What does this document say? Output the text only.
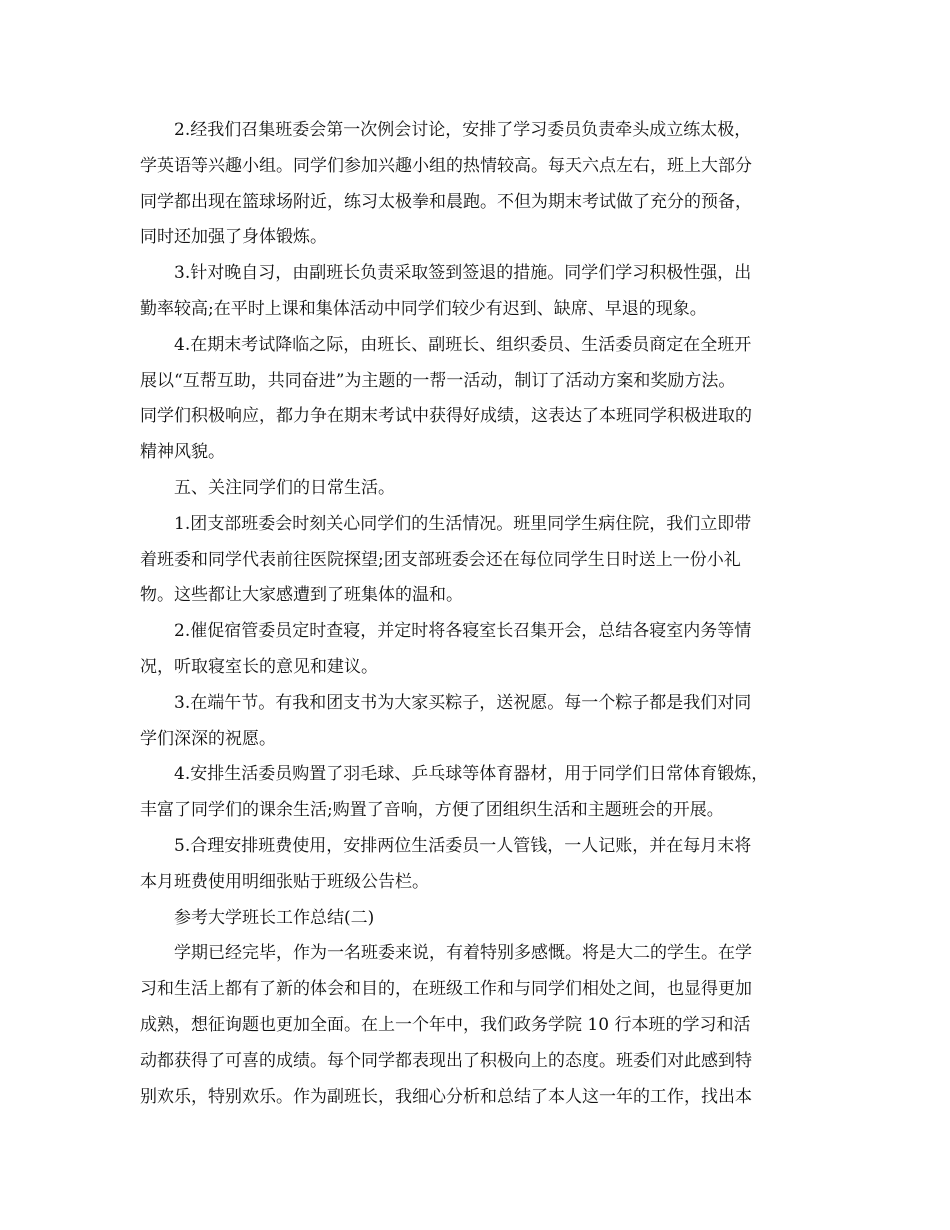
2.经我们召集班委会第一次例会讨论，安排了学习委员负责牵头成立练太极，
学英语等兴趣小组。同学们参加兴趣小组的热情较高。每天六点左右，班上大部分
同学都出现在篮球场附近，练习太极拳和晨跑。不但为期末考试做了充分的预备，
同时还加强了身体锻炼。
3.针对晚自习，由副班长负责采取签到签退的措施。同学们学习积极性强，出
勤率较高;在平时上课和集体活动中同学们较少有迟到、缺席、早退的现象。
4.在期末考试降临之际，由班长、副班长、组织委员、生活委员商定在全班开
展以“互帮互助，共同奋进”为主题的一帮一活动，制订了活动方案和奖励方法。
同学们积极响应，都力争在期末考试中获得好成绩，这表达了本班同学积极进取的
精神风貌。
五、关注同学们的日常生活。
1.团支部班委会时刻关心同学们的生活情况。班里同学生病住院，我们立即带
着班委和同学代表前往医院探望;团支部班委会还在每位同学生日时送上一份小礼
物。这些都让大家感遭到了班集体的温和。
2.催促宿管委员定时查寝，并定时将各寝室长召集开会，总结各寝室内务等情
况，听取寝室长的意见和建议。
3.在端午节。有我和团支书为大家买粽子，送祝愿。每一个粽子都是我们对同
学们深深的祝愿。
4.安排生活委员购置了羽毛球、乒乓球等体育器材，用于同学们日常体育锻炼，
丰富了同学们的课余生活;购置了音响，方便了团组织生活和主题班会的开展。
5.合理安排班费使用，安排两位生活委员一人管钱，一人记账，并在每月末将
本月班费使用明细张贴于班级公告栏。
参考大学班长工作总结(二)
学期已经完毕，作为一名班委来说，有着特别多感慨。将是大二的学生。在学
习和生活上都有了新的体会和目的，在班级工作和与同学们相处之间，也显得更加
成熟，想征询题也更加全面。在上一个年中，我们政务学院 10 行本班的学习和活
动都获得了可喜的成绩。每个同学都表现出了积极向上的态度。班委们对此感到特
别欢乐，特别欢乐。作为副班长，我细心分析和总结了本人这一年的工作，找出本
